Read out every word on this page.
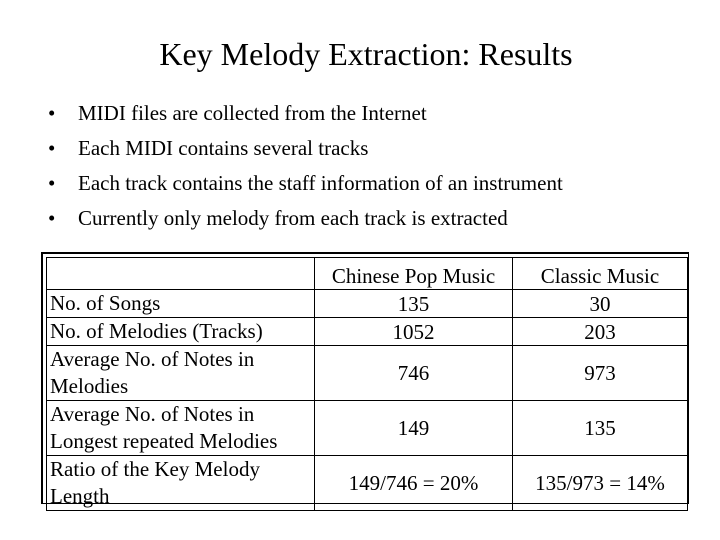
Key Melody Extraction: Results
•	MIDI files are collected from the Internet
•	Each MIDI contains several tracks
•	Each track contains the staff information of an instrument
•	Currently only melody from each track is extracted
	Chinese Pop Music	Classic Music
No. of Songs	135	30
No. of Melodies (Tracks)	1052	203

Average No. of Notes in
Melodies	746	973

Average No. of Notes in
Longest repeated Melodies	149	135

Ratio of the Key Melody
Length	149/746 = 20%	135/973 = 14%
